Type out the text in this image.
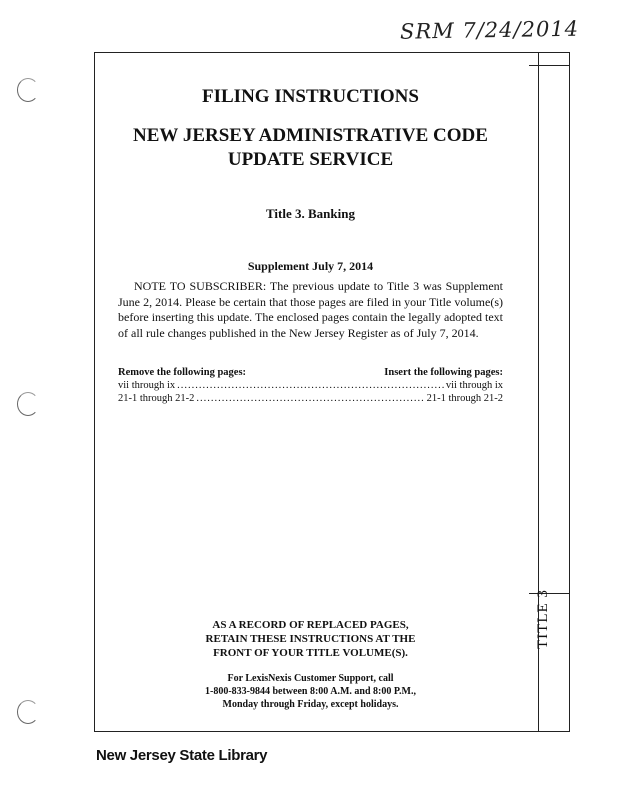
SRM 7/24/2014
TITLE 3
FILING INSTRUCTIONS
NEW JERSEY ADMINISTRATIVE CODE
UPDATE SERVICE
Title 3. Banking
Supplement July 7, 2014
NOTE TO SUBSCRIBER: The previous update to Title 3 was Supplement June 2, 2014. Please be certain that those pages are filed in your Title volume(s) before inserting this update. The enclosed pages contain the legally adopted text of all rule changes published in the New Jersey Register as of July 7, 2014.
Remove the following pages:	Insert the following pages:
vii through ix .....	vii through ix
21-1 through 21-2 .....	21-1 through 21-2
AS A RECORD OF REPLACED PAGES,
RETAIN THESE INSTRUCTIONS AT THE
FRONT OF YOUR TITLE VOLUME(S).
For LexisNexis Customer Support, call
1-800-833-9844 between 8:00 A.M. and 8:00 P.M.,
Monday through Friday, except holidays.
New Jersey State Library
